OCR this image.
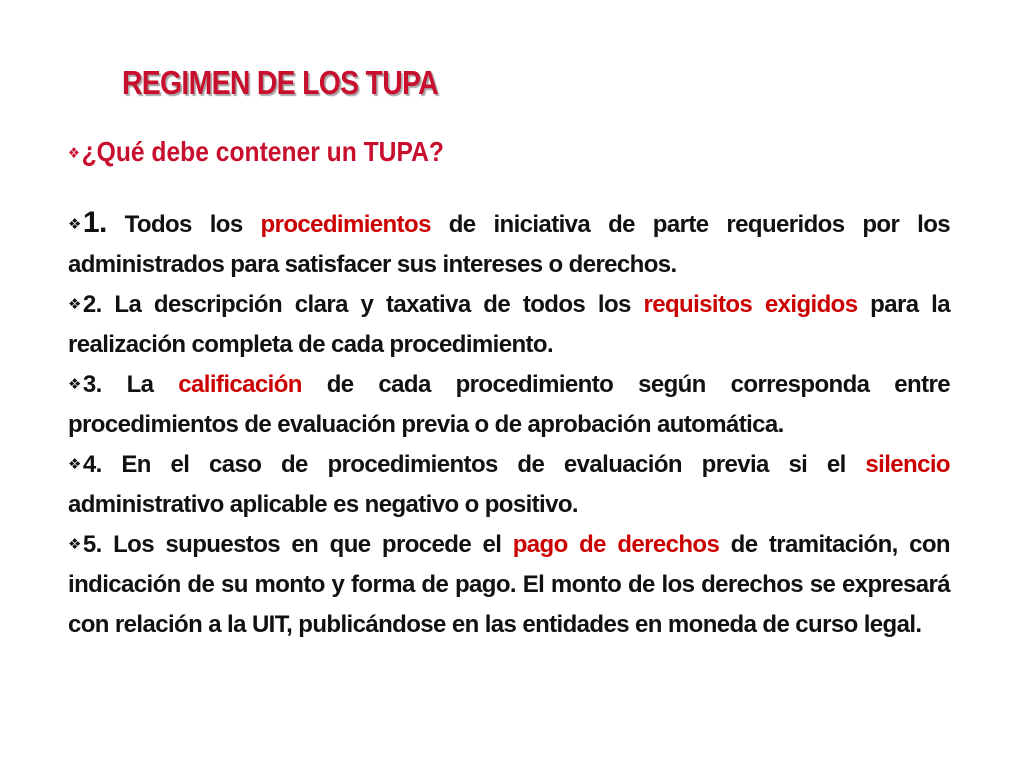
REGIMEN DE LOS TUPA
❖¿Qué debe contener un TUPA?
❖1. Todos los procedimientos de iniciativa de parte requeridos por los administrados para satisfacer sus intereses o derechos.
❖2. La descripción clara y taxativa de todos los requisitos exigidos para la realización completa de cada procedimiento.
❖3. La calificación de cada procedimiento según corresponda entre procedimientos de evaluación previa o de aprobación automática.
❖4. En el caso de procedimientos de evaluación previa si el silencio administrativo aplicable es negativo o positivo.
❖5. Los supuestos en que procede el pago de derechos de tramitación, con indicación de su monto y forma de pago. El monto de los derechos se expresará con relación a la UIT, publicándose en las entidades en moneda de curso legal.
